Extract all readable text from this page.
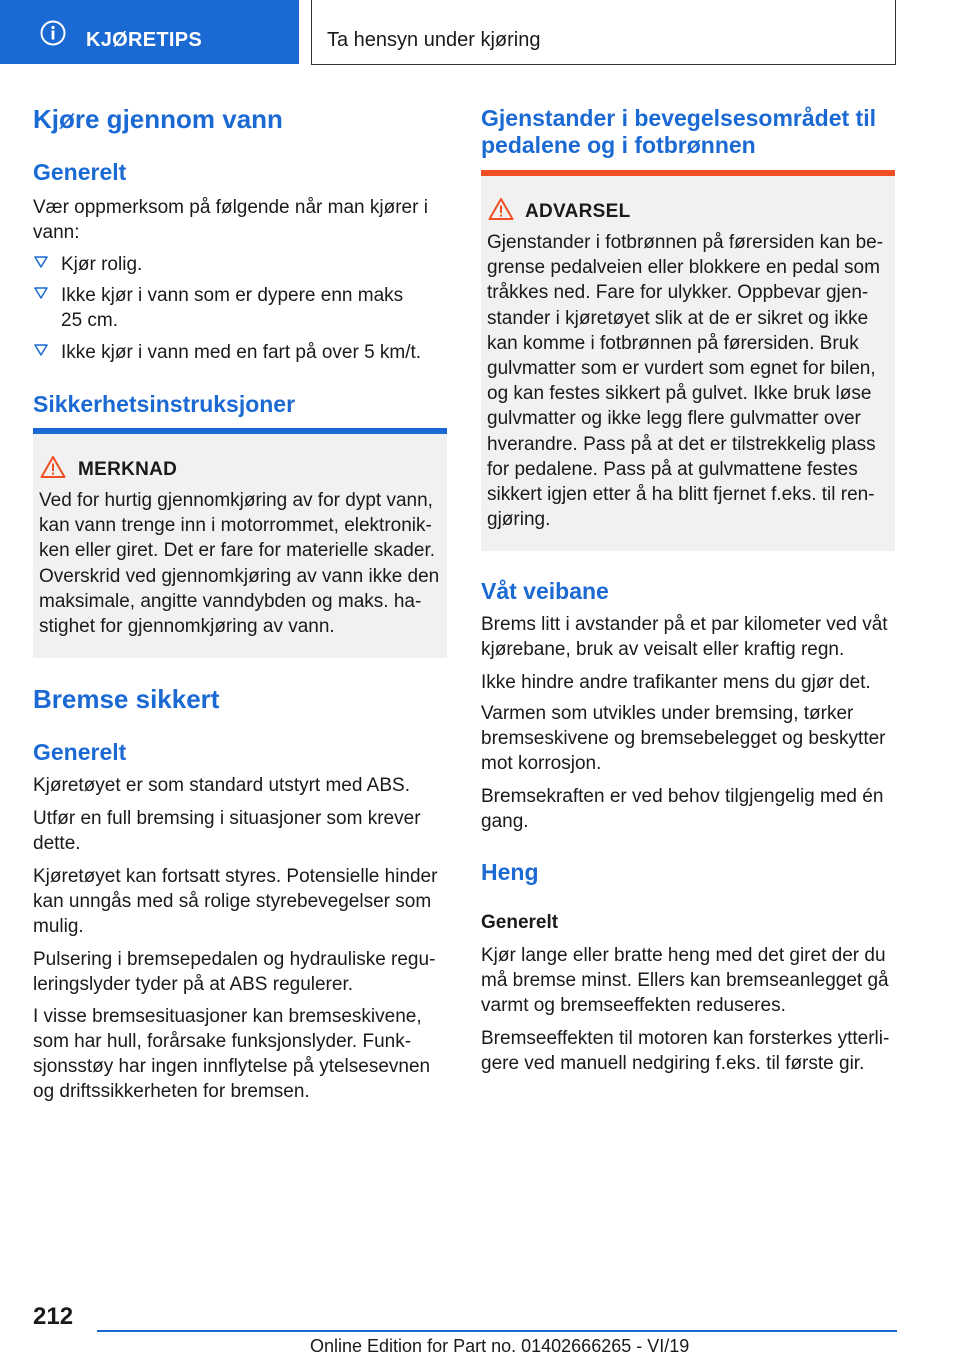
KJØRETIPS	Ta hensyn under kjøring
Kjøre gjennom vann
Generelt
Vær oppmerksom på følgende når man kjører i vann:
Kjør rolig.
Ikke kjør i vann som er dypere enn maks 25 cm.
Ikke kjør i vann med en fart på over 5 km/t.
Sikkerhetsinstruksjoner
MERKNAD
Ved for hurtig gjennomkjøring av for dypt vann, kan vann trenge inn i motorrommet, elektronikken eller giret. Det er fare for materielle skader. Overskrid ved gjennomkjøring av vann ikke den maksimale, angitte vanndybden og maks. hastighet for gjennomkjøring av vann.
Bremse sikkert
Generelt
Kjøretøyet er som standard utstyrt med ABS.
Utfør en full bremsing i situasjoner som krever dette.
Kjøretøyet kan fortsatt styres. Potensielle hinder kan unngås med så rolige styrebevegelser som mulig.
Pulsering i bremsepedalen og hydrauliske reguleringslyder tyder på at ABS regulerer.
I visse bremsesituasjoner kan bremseskivene, som har hull, forårsake funksjonslyder. Funksjonsstøy har ingen innflytelse på ytelsesevnen og driftssikkerheten for bremsen.
Gjenstander i bevegelsesområdet til pedalene og i fotbrønnen
ADVARSEL
Gjenstander i fotbrønnen på førersiden kan begrense pedalveien eller blokkere en pedal som tråkkes ned. Fare for ulykker. Oppbevar gjenstander i kjøretøyet slik at de er sikret og ikke kan komme i fotbrønnen på førersiden. Bruk gulvmatter som er vurdert som egnet for bilen, og kan festes sikkert på gulvet. Ikke bruk løse gulvmatter og ikke legg flere gulvmatter over hverandre. Pass på at det er tilstrekkelig plass for pedalene. Pass på at gulvmattene festes sikkert igjen etter å ha blitt fjernet f.eks. til rengjøring.
Våt veibane
Brems litt i avstander på et par kilometer ved våt kjørebane, bruk av veisalt eller kraftig regn.
Ikke hindre andre trafikanter mens du gjør det.
Varmen som utvikles under bremsing, tørker bremseskivene og bremsebelegget og beskytter mot korrosjon.
Bremsekraften er ved behov tilgjengelig med én gang.
Heng
Generelt
Kjør lange eller bratte heng med det giret der du må bremse minst. Ellers kan bremseanlegget gå varmt og bremseeffekten reduseres.
Bremseeffekten til motoren kan forsterkes ytterligere ved manuell nedgiring f.eks. til første gir.
212
Online Edition for Part no. 01402666265 - VI/19
